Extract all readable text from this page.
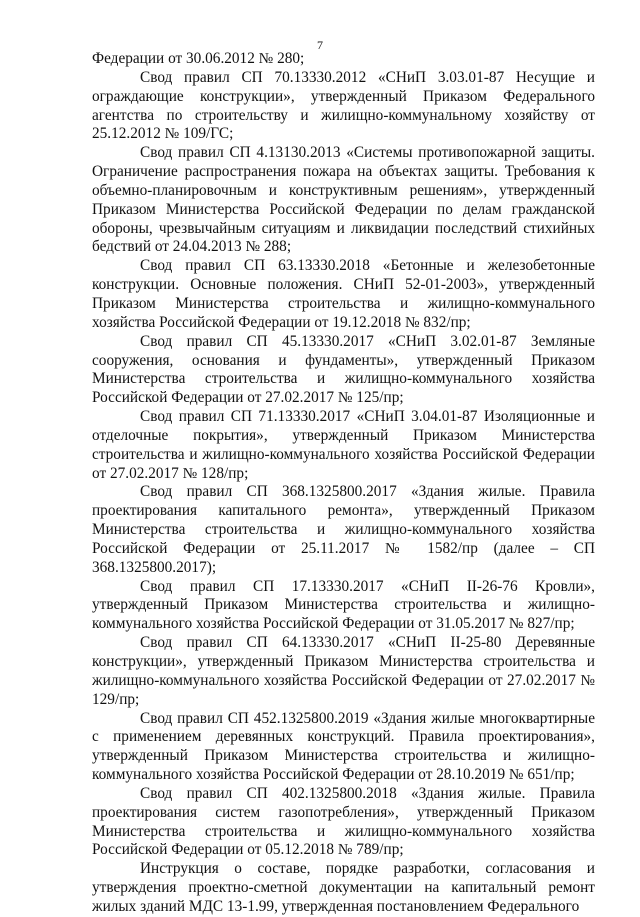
7

Федерации от 30.06.2012 № 280;

Свод правил СП 70.13330.2012 «СНиП 3.03.01-87 Несущие и ограждающие конструкции», утвержденный Приказом Федерального агентства по строительству и жилищно-коммунальному хозяйству от 25.12.2012 № 109/ГС;

Свод правил СП 4.13130.2013 «Системы противопожарной защиты. Ограничение распространения пожара на объектах защиты. Требования к объемно-планировочным и конструктивным решениям», утвержденный Приказом Министерства Российской Федерации по делам гражданской обороны, чрезвычайным ситуациям и ликвидации последствий стихийных бедствий от 24.04.2013 № 288;

Свод правил СП 63.13330.2018 «Бетонные и железобетонные конструкции. Основные положения. СНиП 52-01-2003», утвержденный Приказом Министерства строительства и жилищно-коммунального хозяйства Российской Федерации от 19.12.2018 № 832/пр;

Свод правил СП 45.13330.2017 «СНиП 3.02.01-87 Земляные сооружения, основания и фундаменты», утвержденный Приказом Министерства строительства и жилищно-коммунального хозяйства Российской Федерации от 27.02.2017 № 125/пр;

Свод правил СП 71.13330.2017 «СНиП 3.04.01-87 Изоляционные и отделочные покрытия», утвержденный Приказом Министерства строительства и жилищно-коммунального хозяйства Российской Федерации от 27.02.2017 № 128/пр;

Свод правил СП 368.1325800.2017 «Здания жилые. Правила проектирования капитального ремонта», утвержденный Приказом Министерства строительства и жилищно-коммунального хозяйства Российской Федерации от 25.11.2017 № 1582/пр (далее – СП 368.1325800.2017);

Свод правил СП 17.13330.2017 «СНиП II-26-76 Кровли», утвержденный Приказом Министерства строительства и жилищно-коммунального хозяйства Российской Федерации от 31.05.2017 № 827/пр;

Свод правил СП 64.13330.2017 «СНиП II-25-80 Деревянные конструкции», утвержденный Приказом Министерства строительства и жилищно-коммунального хозяйства Российской Федерации от 27.02.2017 № 129/пр;

Свод правил СП 452.1325800.2019 «Здания жилые многоквартирные с применением деревянных конструкций. Правила проектирования», утвержденный Приказом Министерства строительства и жилищно-коммунального хозяйства Российской Федерации от 28.10.2019 № 651/пр;

Свод правил СП 402.1325800.2018 «Здания жилые. Правила проектирования систем газопотребления», утвержденный Приказом Министерства строительства и жилищно-коммунального хозяйства Российской Федерации от 05.12.2018 № 789/пр;

Инструкция о составе, порядке разработки, согласования и утверждения проектно-сметной документации на капитальный ремонт жилых зданий МДС 13-1.99, утвержденная постановлением Федерального
